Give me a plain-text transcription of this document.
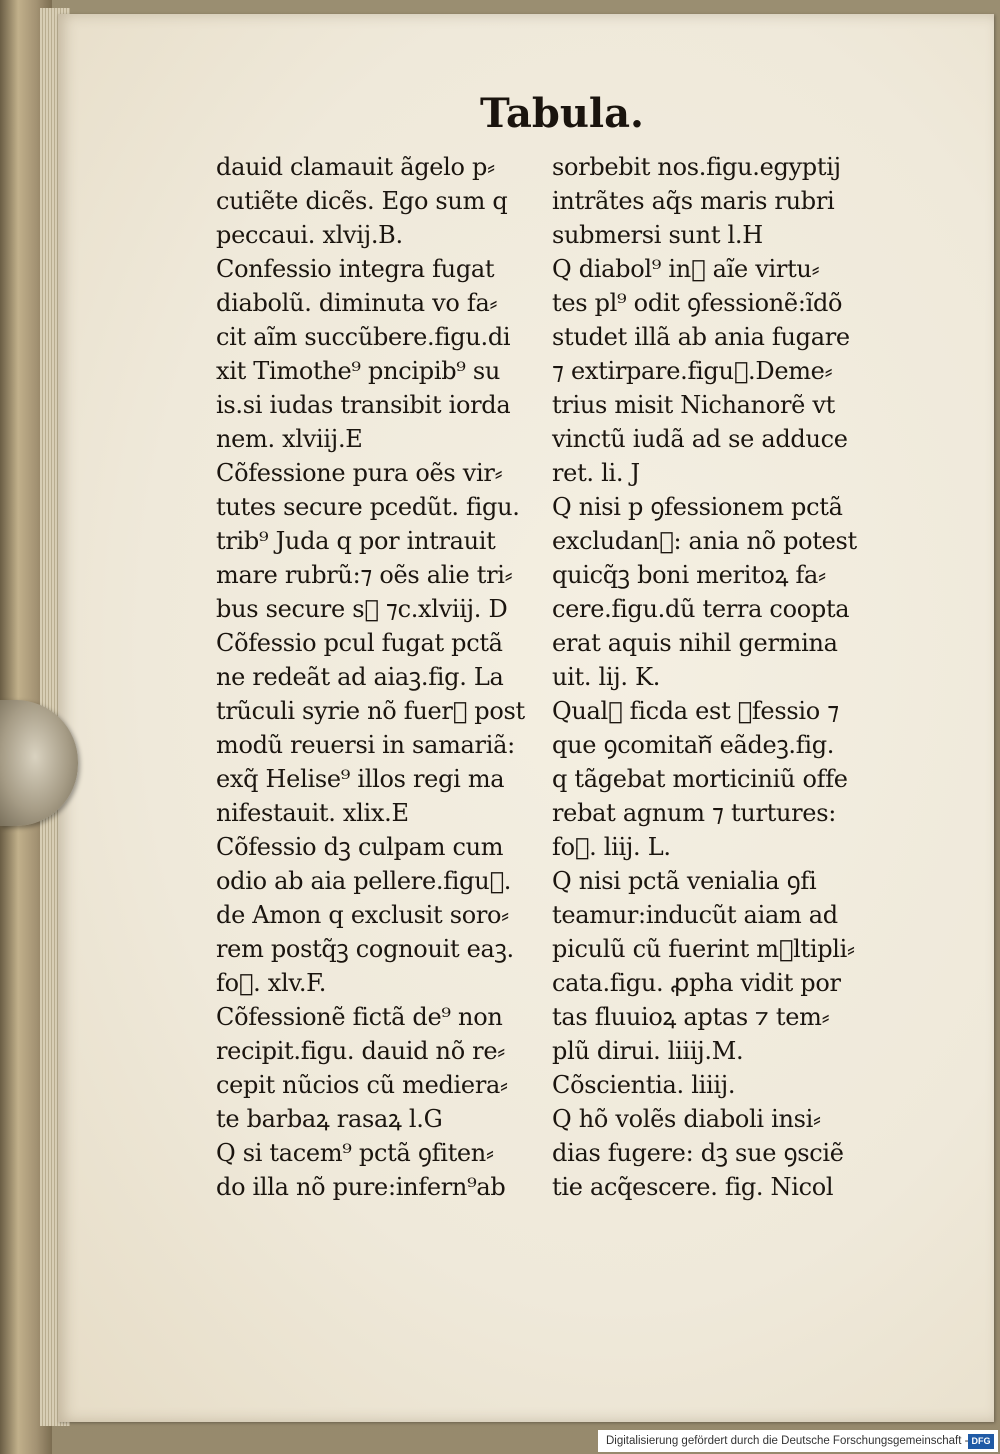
Tabula.
dauid clamauit ãgelo p⸗
cutiẽte dicẽs. Ego sum q
peccaui. xlvij.B.
Confessio integra fugat
diabolũ. diminuta vo fa⸗
cit aĩm succũbere.figu.di
xit Timothe⁹ pncipib⁹ su
is.si iudas transibit iorda
nem. xlviij.E
Cõfessione pura oẽs vir⸗
tutes secure pcedũt. figu.
trib⁹ Juda q por intrauit
mare rubrũ:⁊ oẽs alie tri⸗
bus secure sᷓ ⁊c.xlviij. D
Cõfessio pcul fugat pctã
ne redeãt ad aiaꝫ.fig. La
trũculi syrie nõ fuerᷓ post
modũ reuersi in samariã:
exq̃ Helise⁹ illos regi ma
nifestauit. xlix.E
Cõfessio dꝫ culpam cum
odio ab aia pellere.figuᷓ.
de Amon q exclusit soro⸗
rem postq̃ꝫ cognouit eaꝫ.
foᷓ. xlv.F.
Cõfessionẽ fictã de⁹ non
recipit.figu. dauid nõ re⸗
cepit nũcios cũ mediera⸗
te barbaꝝ rasaꝝ l.G
Q si tacem⁹ pctã ꝯfiten⸗
do illa nõ pure:infern⁹ab
sorbebit nos.figu.egyptij
intrãtes aq̃s maris rubri
submersi sunt l.H
Q diabol⁹ inᷓ aĩe virtu⸗
tes pl⁹ odit ꝯfessionẽ:ĩdõ
studet illã ab ania fugare
⁊ extirpare.figuᷓ.Deme⸗
trius misit Nichanorẽ vt
vinctũ iudã ad se adduce
ret. li. J
Q nisi p ꝯfessionem pctã
excludanᷓ: ania nõ potest
quicq̃ꝫ boni meritoꝝ fa⸗
cere.figu.dũ terra coopta
erat aquis nihil germina
uit. lij. K.
Qualᷓ ficda est ꝯfessio ⁊
que ꝯcomitanᷓ eãdeꝫ.fig.
q tãgebat morticiniũ offe
rebat agnum ⁊ turtures:
foᷓ. liij. L.
Q nisi pctã venialia ꝯfi
teamur:inducũt aiam ad
piculũ cũ fuerint mᷓltipli⸗
cata.figu. ꝓpha vidit por
tas fluuioꝝ aptas ⁊ tem⸗
plũ dirui. liiij.M.
Cõscientia. liiij.
Q hõ volẽs diaboli insi⸗
dias fugere: dꝫ sue ꝯsciẽ
tie acq̃escere. fig. Nicol
Digitalisierung gefördert durch die Deutsche Forschungsgemeinschaft - DFG
